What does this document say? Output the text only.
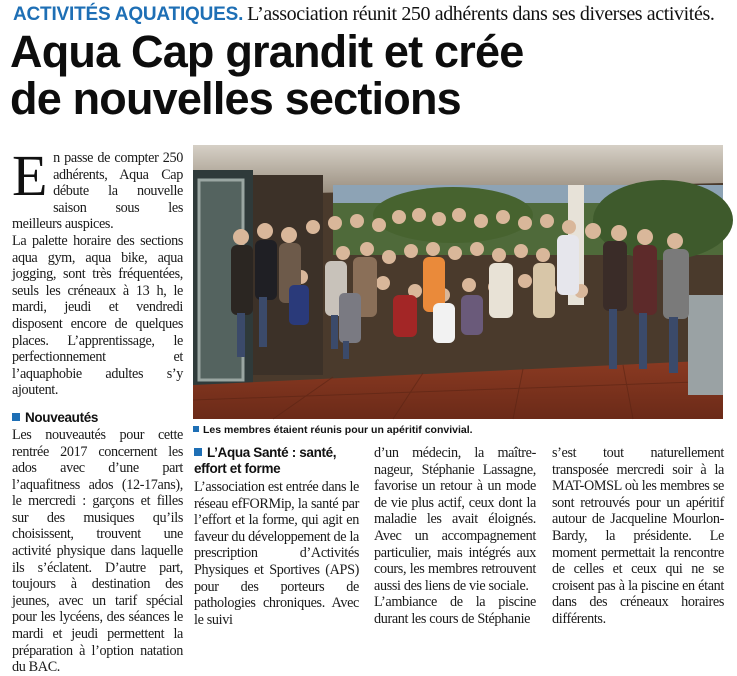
ACTIVITÉS AQUATIQUES. L’association réunit 250 adhérents dans ses diverses activités.
Aqua Cap grandit et crée
de nouvelles sections

En passe de compter 250 adhérents, Aqua Cap débute la nouvelle saison sous les meilleurs auspices.

La palette horaire des sections aqua gym, aqua bike, aqua jogging, sont très fréquentées, seuls les créneaux à 13 h, le mardi, jeudi et vendredi disposent encore de quelques places. L’apprentissage, le perfectionnement et l’aquaphobie adultes s’y ajoutent.

Nouveautés

Les nouveautés pour cette rentrée 2017 concernent les ados avec d’une part l’aquafitness ados (12-17ans), le mercredi : garçons et filles sur des musiques qu’ils choisissent, trouvent une activité physique dans laquelle ils s’éclatent. D’autre part, toujours à destination des jeunes, avec un tarif spécial pour les lycéens, des séances le mardi et jeudi permettent la préparation à l’option natation du BAC.

Les membres étaient réunis pour un apéritif convivial.
L’Aqua Santé : santé, effort et forme

L’association est entrée dans le réseau efFORMip, la santé par l’effort et la forme, qui agit en faveur du développement de la prescription d’Activités Physiques et Sportives (APS) pour des porteurs de pathologies chroniques. Avec le suivi

d’un médecin, la maître-nageur, Stéphanie Lassagne, favorise un retour à un mode de vie plus actif, ceux dont la maladie les avait éloignés. Avec un accompagnement particulier, mais intégrés aux cours, les membres retrouvent aussi des liens de vie sociale.

L’ambiance de la piscine durant les cours de Stéphanie

s’est tout naturellement transposée mercredi soir à la MAT-OMSL où les membres se sont retrouvés pour un apéritif autour de Jacqueline Mourlon-Bardy, la présidente. Le moment permettait la rencontre de celles et ceux qui ne se croisent pas à la piscine en étant dans des créneaux horaires différents.
